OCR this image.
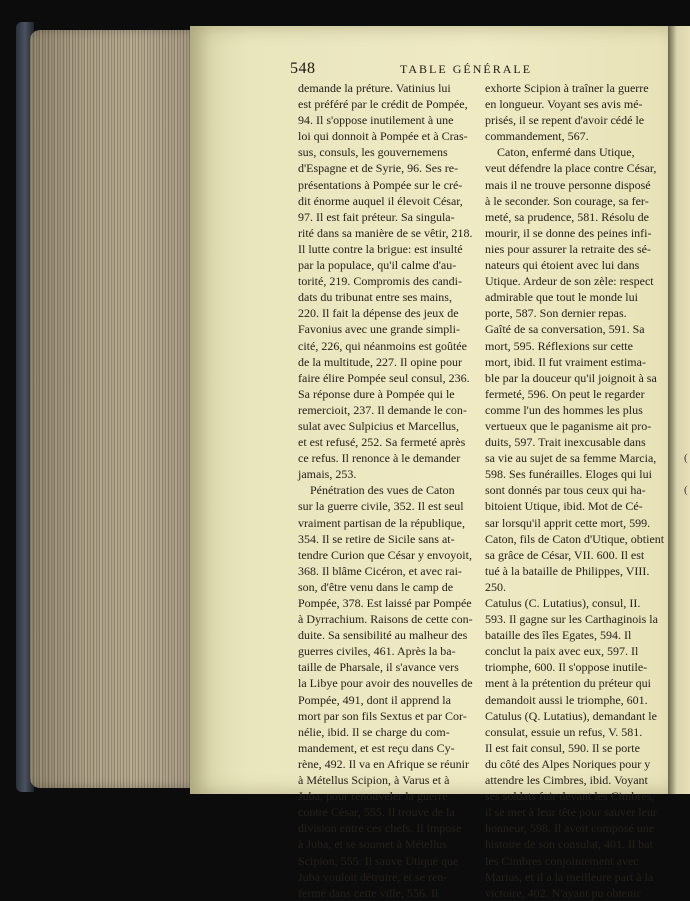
548	TABLE GÉNÉRALE
demande la préture. Vatinius lui
est préféré par le crédit de Pompée,
94. Il s'oppose inutilement à une
loi qui donnoit à Pompée et à Cras-
sus, consuls, les gouvernemens
d'Espagne et de Syrie, 96. Ses re-
présentations à Pompée sur le cré-
dit énorme auquel il élevoit César,
97. Il est fait préteur. Sa singula-
rité dans sa manière de se vêtir, 218.
Il lutte contre la brigue: est insulté
par la populace, qu'il calme d'au-
torité, 219. Compromis des candi-
dats du tribunat entre ses mains,
220. Il fait la dépense des jeux de
Favonius avec une grande simpli-
cité, 226, qui néanmoins est goûtée
de la multitude, 227. Il opine pour
faire élire Pompée seul consul, 236.
Sa réponse dure à Pompée qui le
remercioit, 237. Il demande le con-
sulat avec Sulpicius et Marcellus,
et est refusé, 252. Sa fermeté après
ce refus. Il renonce à le demander
jamais, 253.
Pénétration des vues de Caton
sur la guerre civile, 352. Il est seul
vraiment partisan de la république,
354. Il se retire de Sicile sans at-
tendre Curion que César y envoyoit,
368. Il blâme Cicéron, et avec rai-
son, d'être venu dans le camp de
Pompée, 378. Est laissé par Pompée
à Dyrrachium. Raisons de cette con-
duite. Sa sensibilité au malheur des
guerres civiles, 461. Après la ba-
taille de Pharsale, il s'avance vers
la Libye pour avoir des nouvelles de
Pompée, 491, dont il apprend la
mort par son fils Sextus et par Cor-
nélie, ibid. Il se charge du com-
mandement, et est reçu dans Cy-
rène, 492. Il va en Afrique se réunir
à Métellus Scipion, à Varus et à
Juba, pour renouveler la guerre
contre César, 555. Il trouve de la
division entre ces chefs. Il impose
à Juba, et se soumet à Métellus
Scipion, 555. Il sauve Utique que
Juba vouloit détruire, et se ren-
ferme dans cette ville, 556. Il
exhorte Scipion à traîner la guerre
en longueur. Voyant ses avis mé-
prisés, il se repent d'avoir cédé le
commandement, 567.
Caton, enfermé dans Utique,
veut défendre la place contre César,
mais il ne trouve personne disposé
à le seconder. Son courage, sa fer-
meté, sa prudence, 581. Résolu de
mourir, il se donne des peines infi-
nies pour assurer la retraite des sé-
nateurs qui étoient avec lui dans
Utique. Ardeur de son zèle: respect
admirable que tout le monde lui
porte, 587. Son dernier repas.
Gaîté de sa conversation, 591. Sa
mort, 595. Réflexions sur cette
mort, ibid. Il fut vraiment estima-
ble par la douceur qu'il joignoit à sa
fermeté, 596. On peut le regarder
comme l'un des hommes les plus
vertueux que le paganisme ait pro-
duits, 597. Trait inexcusable dans
sa vie au sujet de sa femme Marcia,
598. Ses funérailles. Eloges qui lui
sont donnés par tous ceux qui ha-
bitoient Utique, ibid. Mot de Cé-
sar lorsqu'il apprit cette mort, 599.
Caton, fils de Caton d'Utique, obtient
sa grâce de César, VII. 600. Il est
tué à la bataille de Philippes, VIII.
250.
Catulus (C. Lutatius), consul, II.
593. Il gagne sur les Carthaginois la
bataille des îles Egates, 594. Il
conclut la paix avec eux, 597. Il
triomphe, 600. Il s'oppose inutile-
ment à la prétention du préteur qui
demandoit aussi le triomphe, 601.
Catulus (Q. Lutatius), demandant le
consulat, essuie un refus, V. 581.
Il est fait consul, 590. Il se porte
du côté des Alpes Noriques pour y
attendre les Cimbres, ibid. Voyant
ses soldats fuir devant les Cimbres,
il se met à leur tête pour sauver leur
honneur, 598. Il avoit composé une
histoire de son consulat, 401. Il bat
les Cimbres conjointement avec
Marius, et il a la meilleure part à la
victoire, 402. N'ayant pu obtenir
(
(
